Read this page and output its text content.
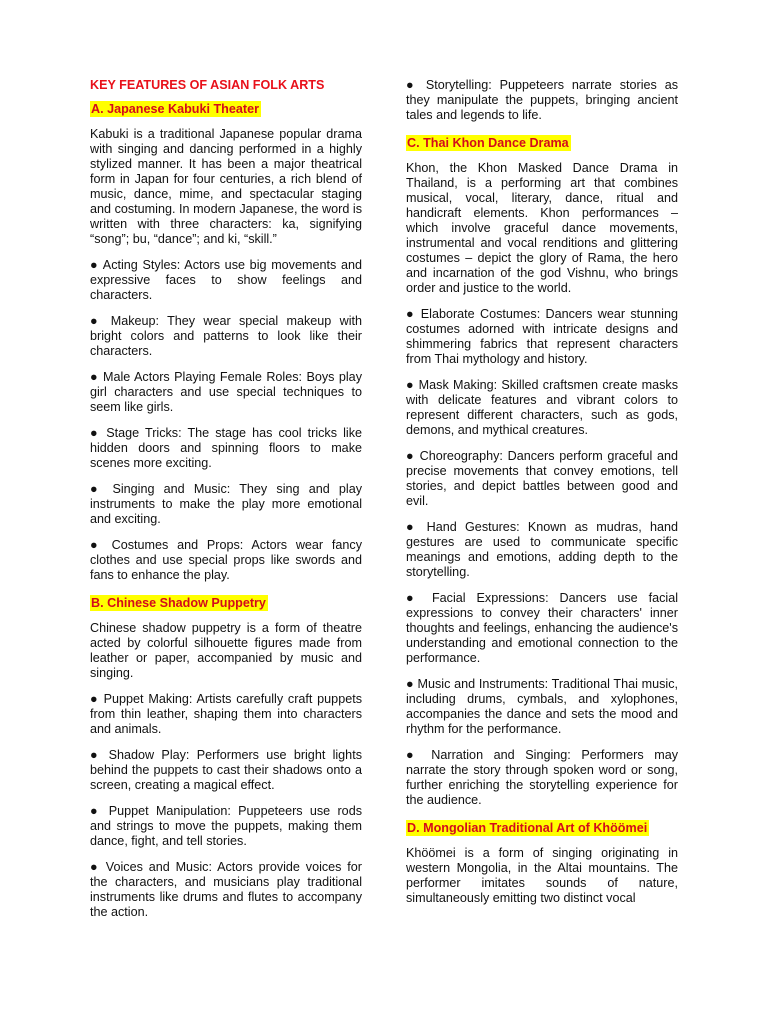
KEY FEATURES OF ASIAN FOLK ARTS

A. Japanese Kabuki Theater

Kabuki is a traditional Japanese popular drama with singing and dancing performed in a highly stylized manner. It has been a major theatrical form in Japan for four centuries, a rich blend of music, dance, mime, and spectacular staging and costuming. In modern Japanese, the word is written with three characters: ka, signifying “song”; bu, “dance”; and ki, “skill.”

● Acting Styles: Actors use big movements and expressive faces to show feelings and characters.

● Makeup: They wear special makeup with bright colors and patterns to look like their characters.

● Male Actors Playing Female Roles: Boys play girl characters and use special techniques to seem like girls.

● Stage Tricks: The stage has cool tricks like hidden doors and spinning floors to make scenes more exciting.

● Singing and Music: They sing and play instruments to make the play more emotional and exciting.

● Costumes and Props: Actors wear fancy clothes and use special props like swords and fans to enhance the play.

B. Chinese Shadow Puppetry

Chinese shadow puppetry is a form of theatre acted by colorful silhouette figures made from leather or paper, accompanied by music and singing.

● Puppet Making: Artists carefully craft puppets from thin leather, shaping them into characters and animals.

● Shadow Play: Performers use bright lights behind the puppets to cast their shadows onto a screen, creating a magical effect.

● Puppet Manipulation: Puppeteers use rods and strings to move the puppets, making them dance, fight, and tell stories.

● Voices and Music: Actors provide voices for the characters, and musicians play traditional instruments like drums and flutes to accompany the action.

● Storytelling: Puppeteers narrate stories as they manipulate the puppets, bringing ancient tales and legends to life.

C. Thai Khon Dance Drama

Khon, the Khon Masked Dance Drama in Thailand, is a performing art that combines musical, vocal, literary, dance, ritual and handicraft elements. Khon performances – which involve graceful dance movements, instrumental and vocal renditions and glittering costumes – depict the glory of Rama, the hero and incarnation of the god Vishnu, who brings order and justice to the world.

● Elaborate Costumes: Dancers wear stunning costumes adorned with intricate designs and shimmering fabrics that represent characters from Thai mythology and history.

● Mask Making: Skilled craftsmen create masks with delicate features and vibrant colors to represent different characters, such as gods, demons, and mythical creatures.

● Choreography: Dancers perform graceful and precise movements that convey emotions, tell stories, and depict battles between good and evil.

● Hand Gestures: Known as mudras, hand gestures are used to communicate specific meanings and emotions, adding depth to the storytelling.

● Facial Expressions: Dancers use facial expressions to convey their characters' inner thoughts and feelings, enhancing the audience's understanding and emotional connection to the performance.

● Music and Instruments: Traditional Thai music, including drums, cymbals, and xylophones, accompanies the dance and sets the mood and rhythm for the performance.

● Narration and Singing: Performers may narrate the story through spoken word or song, further enriching the storytelling experience for the audience.

D. Mongolian Traditional Art of Khöömei

Khöömei is a form of singing originating in western Mongolia, in the Altai mountains. The performer imitates sounds of nature, simultaneously emitting two distinct vocal
